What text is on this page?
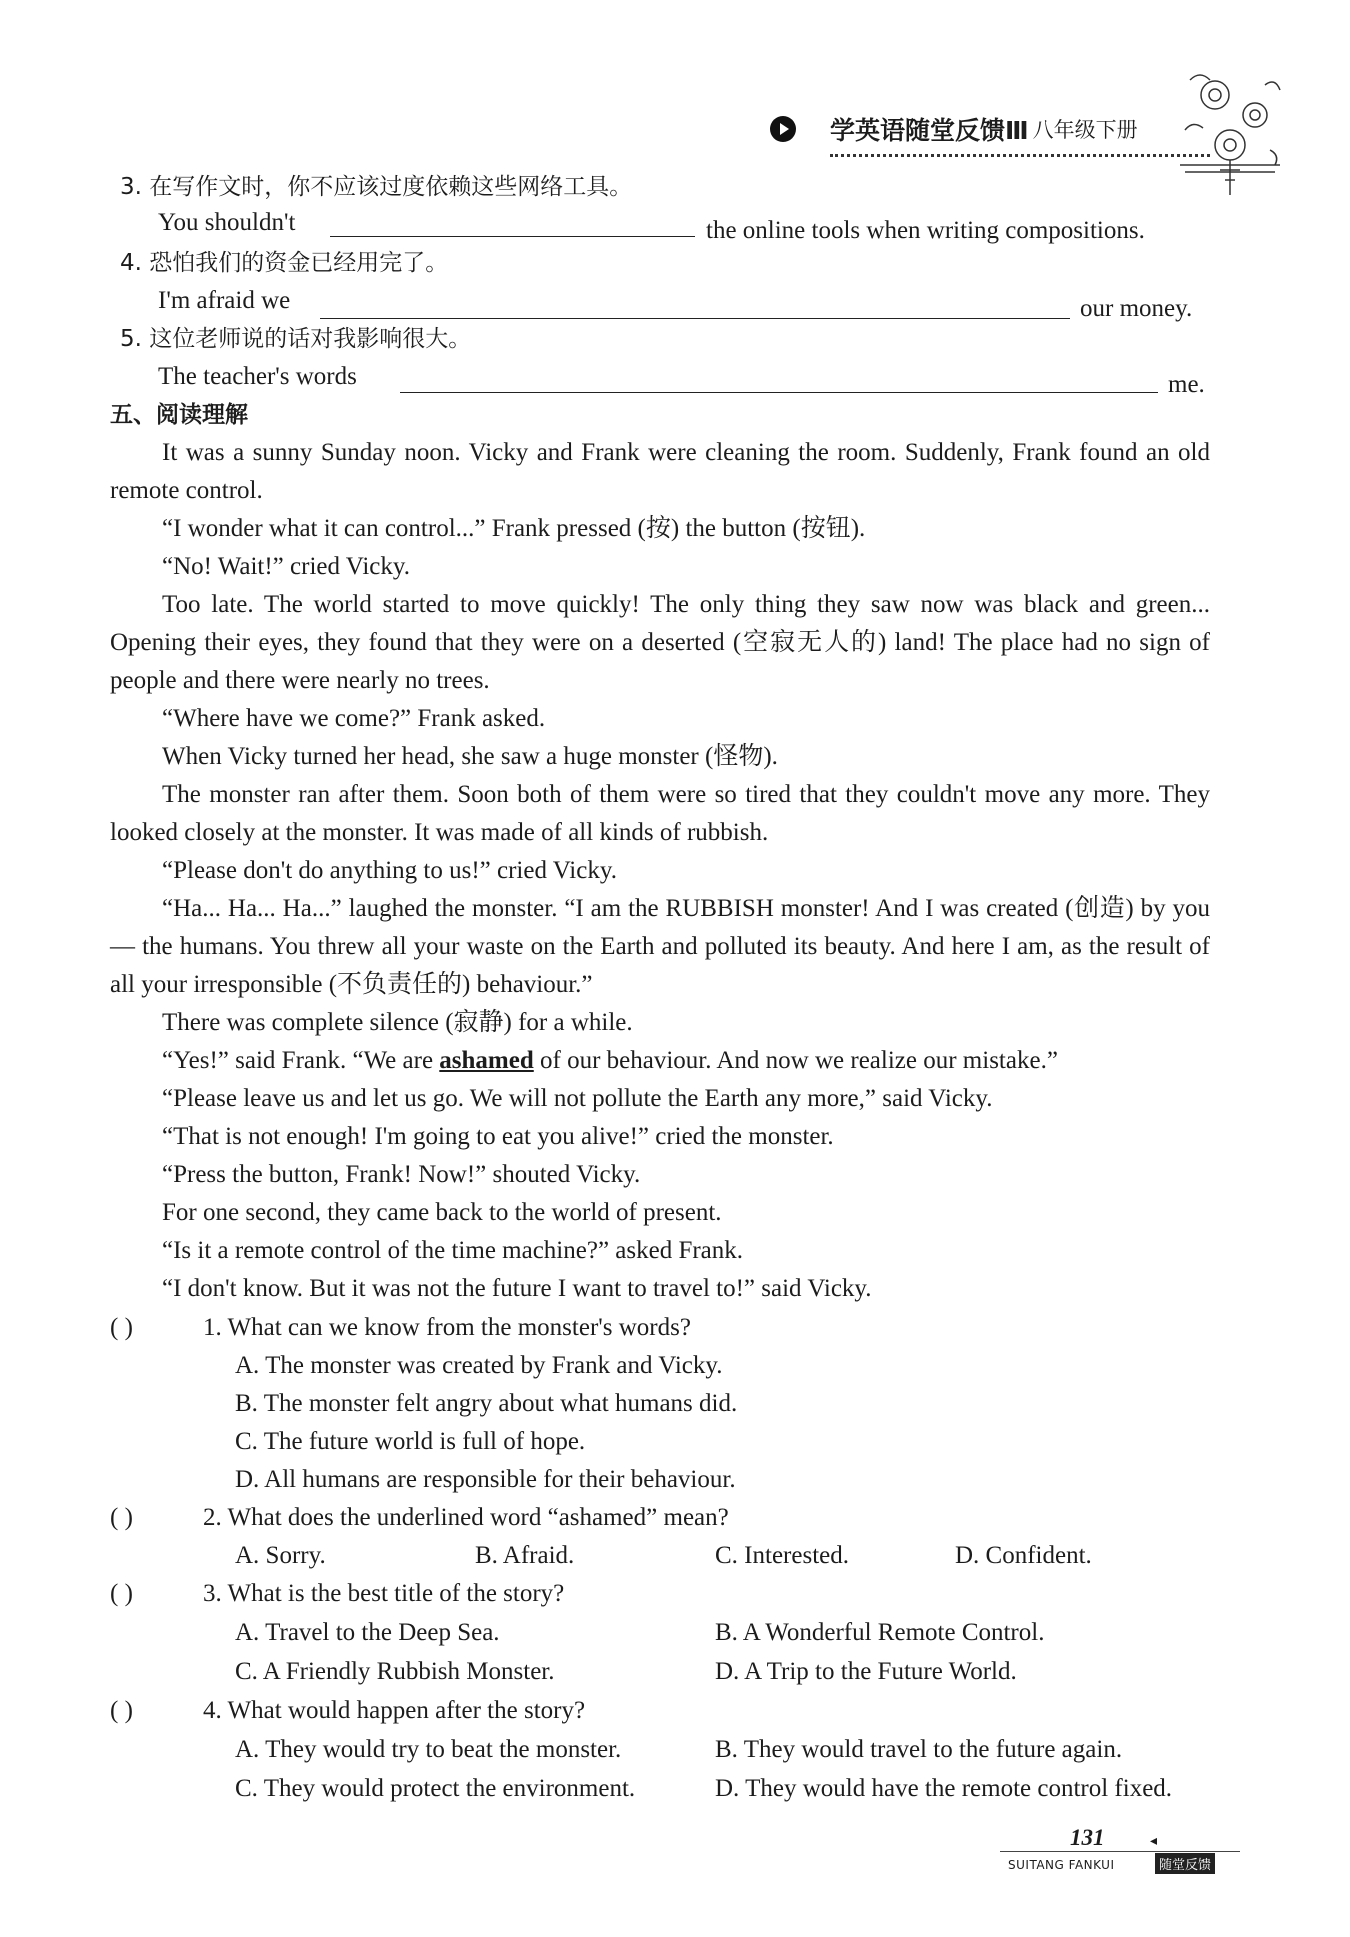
学英语随堂反馈Ⅲ 八年级下册
3. 在写作文时，你不应该过度依赖这些网络工具。
You shouldn't	the online tools when writing compositions.
4. 恐怕我们的资金已经用完了。
I'm afraid we	our money.
5. 这位老师说的话对我影响很大。
The teacher's words	me.
五、阅读理解
It was a sunny Sunday noon. Vicky and Frank were cleaning the room. Suddenly, Frank found an old remote control.
“I wonder what it can control...” Frank pressed (按) the button (按钮).
“No! Wait!” cried Vicky.
Too late. The world started to move quickly! The only thing they saw now was black and green... Opening their eyes, they found that they were on a deserted (空寂无人的) land! The place had no sign of people and there were nearly no trees.
“Where have we come?” Frank asked.
When Vicky turned her head, she saw a huge monster (怪物).
The monster ran after them. Soon both of them were so tired that they couldn't move any more. They looked closely at the monster. It was made of all kinds of rubbish.
“Please don't do anything to us!” cried Vicky.
“Ha... Ha... Ha...” laughed the monster. “I am the RUBBISH monster! And I was created (创造) by you — the humans. You threw all your waste on the Earth and polluted its beauty. And here I am, as the result of all your irresponsible (不负责任的) behaviour.”
There was complete silence (寂静) for a while.
“Yes!” said Frank. “We are ashamed of our behaviour. And now we realize our mistake.”
“Please leave us and let us go. We will not pollute the Earth any more,” said Vicky.
“That is not enough! I'm going to eat you alive!” cried the monster.
“Press the button, Frank! Now!” shouted Vicky.
For one second, they came back to the world of present.
“Is it a remote control of the time machine?” asked Frank.
“I don't know. But it was not the future I want to travel to!” said Vicky.
( )	1. What can we know from the monster's words?
A. The monster was created by Frank and Vicky.
B. The monster felt angry about what humans did.
C. The future world is full of hope.
D. All humans are responsible for their behaviour.
( )	2. What does the underlined word “ashamed” mean?
A. Sorry.	B. Afraid.	C. Interested.	D. Confident.
( )	3. What is the best title of the story?
A. Travel to the Deep Sea.	B. A Wonderful Remote Control.
C. A Friendly Rubbish Monster.	D. A Trip to the Future World.
( )	4. What would happen after the story?
A. They would try to beat the monster.	B. They would travel to the future again.
C. They would protect the environment.	D. They would have the remote control fixed.
131	◂
SUITANG FANKUI	随堂反馈
